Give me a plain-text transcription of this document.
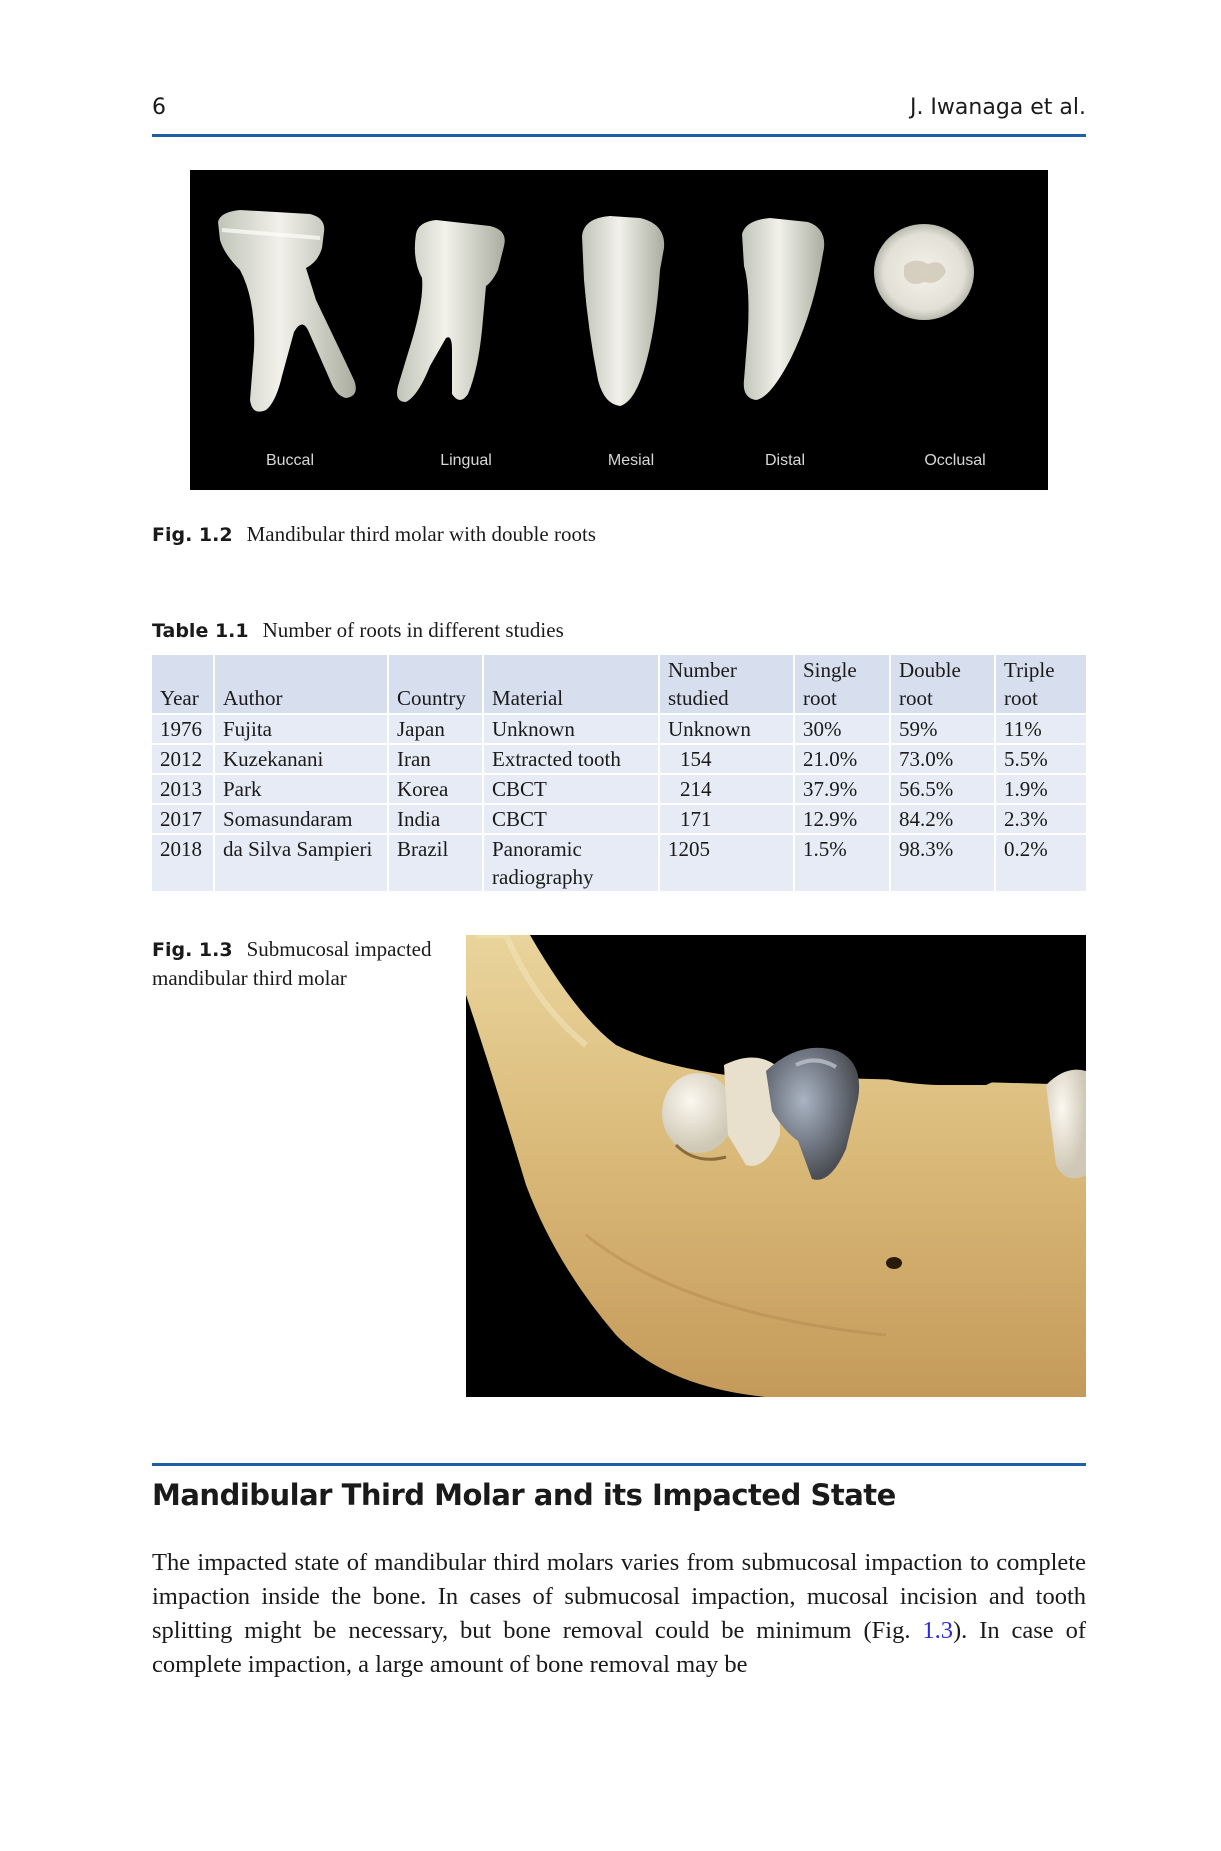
6	J. Iwanaga et al.
Buccal	Lingual	Mesial	Distal	Occlusal
Fig. 1.2 Mandibular third molar with double roots
Table 1.1 Number of roots in different studies
Year	Author	Country	Material	Number studied	Single root	Double root	Triple root
1976	Fujita	Japan	Unknown	Unknown	30%	59%	11%
2012	Kuzekanani	Iran	Extracted tooth	154	21.0%	73.0%	5.5%
2013	Park	Korea	CBCT	214	37.9%	56.5%	1.9%
2017	Somasundaram	India	CBCT	171	12.9%	84.2%	2.3%
2018	da Silva Sampieri	Brazil	Panoramic radiography	1205	1.5%	98.3%	0.2%
Fig. 1.3 Submucosal impacted mandibular third molar
Mandibular Third Molar and its Impacted State

The impacted state of mandibular third molars varies from submucosal impaction to complete impaction inside the bone. In cases of submucosal impaction, mucosal incision and tooth splitting might be necessary, but bone removal could be minimum (Fig. 1.3). In case of complete impaction, a large amount of bone removal may be
